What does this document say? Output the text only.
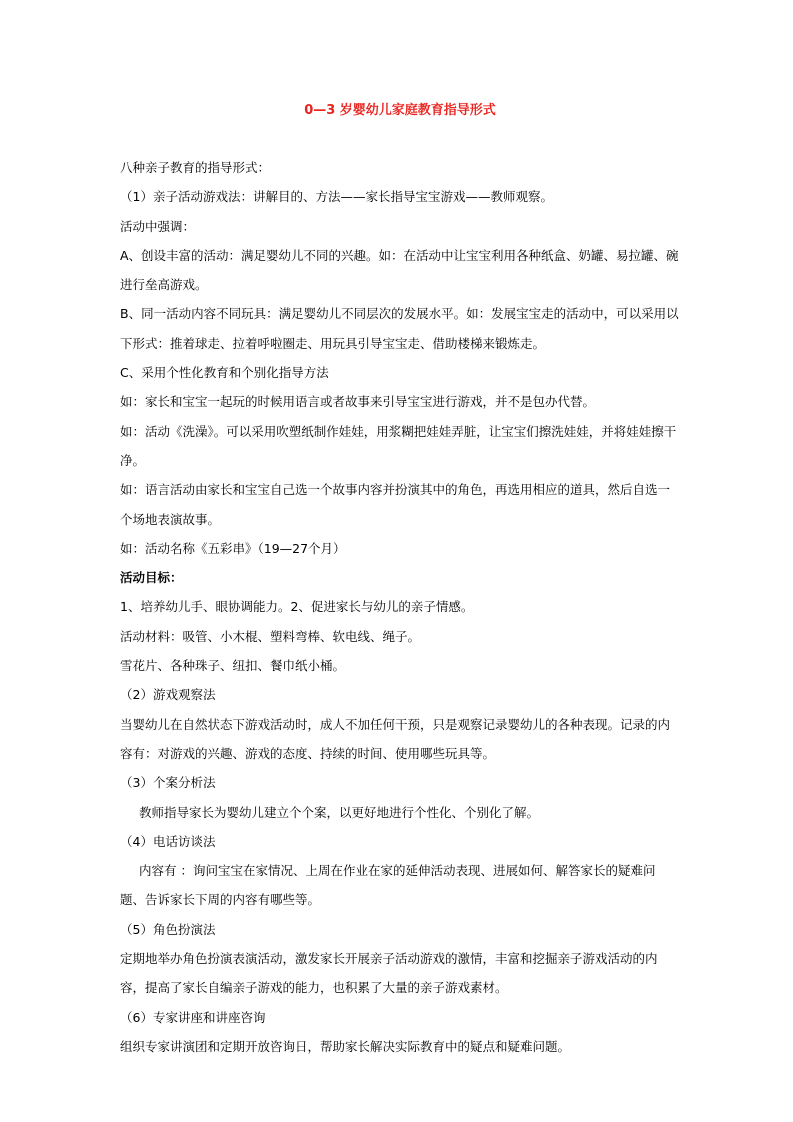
0—3 岁婴幼儿家庭教育指导形式

八种亲子教育的指导形式：

（1）亲子活动游戏法：讲解目的、方法——家长指导宝宝游戏——教师观察。

活动中强调：

A、创设丰富的活动：满足婴幼儿不同的兴趣。如：在活动中让宝宝利用各种纸盒、奶罐、易拉罐、碗进行垒高游戏。

B、同一活动内容不同玩具：满足婴幼儿不同层次的发展水平。如：发展宝宝走的活动中，可以采用以下形式：推着球走、拉着呼啦圈走、用玩具引导宝宝走、借助楼梯来锻炼走。

C、采用个性化教育和个别化指导方法

如：家长和宝宝一起玩的时候用语言或者故事来引导宝宝进行游戏，并不是包办代替。

如：活动《洗澡》。可以采用吹塑纸制作娃娃，用浆糊把娃娃弄脏，让宝宝们擦洗娃娃，并将娃娃擦干净。

如：语言活动由家长和宝宝自己选一个故事内容并扮演其中的角色，再选用相应的道具，然后自选一个场地表演故事。

如：活动名称《五彩串》（19—27个月）

活动目标：

1、培养幼儿手、眼协调能力。2、促进家长与幼儿的亲子情感。

活动材料：吸管、小木棍、塑料弯棒、软电线、绳子。

雪花片、各种珠子、纽扣、餐巾纸小桶。

（2）游戏观察法

当婴幼儿在自然状态下游戏活动时，成人不加任何干预，只是观察记录婴幼儿的各种表现。记录的内容有：对游戏的兴趣、游戏的态度、持续的时间、使用哪些玩具等。

（3）个案分析法

教师指导家长为婴幼儿建立个个案，以更好地进行个性化、个别化了解。

（4）电话访谈法

内容有 ：询问宝宝在家情况、上周在作业在家的延伸活动表现、进展如何、解答家长的疑难问题、告诉家长下周的内容有哪些等。

（5）角色扮演法

定期地举办角色扮演表演活动，激发家长开展亲子活动游戏的激情，丰富和挖掘亲子游戏活动的内容，提高了家长自编亲子游戏的能力，也积累了大量的亲子游戏素材。

（6）专家讲座和讲座咨询

组织专家讲演团和定期开放咨询日，帮助家长解决实际教育中的疑点和疑难问题。
